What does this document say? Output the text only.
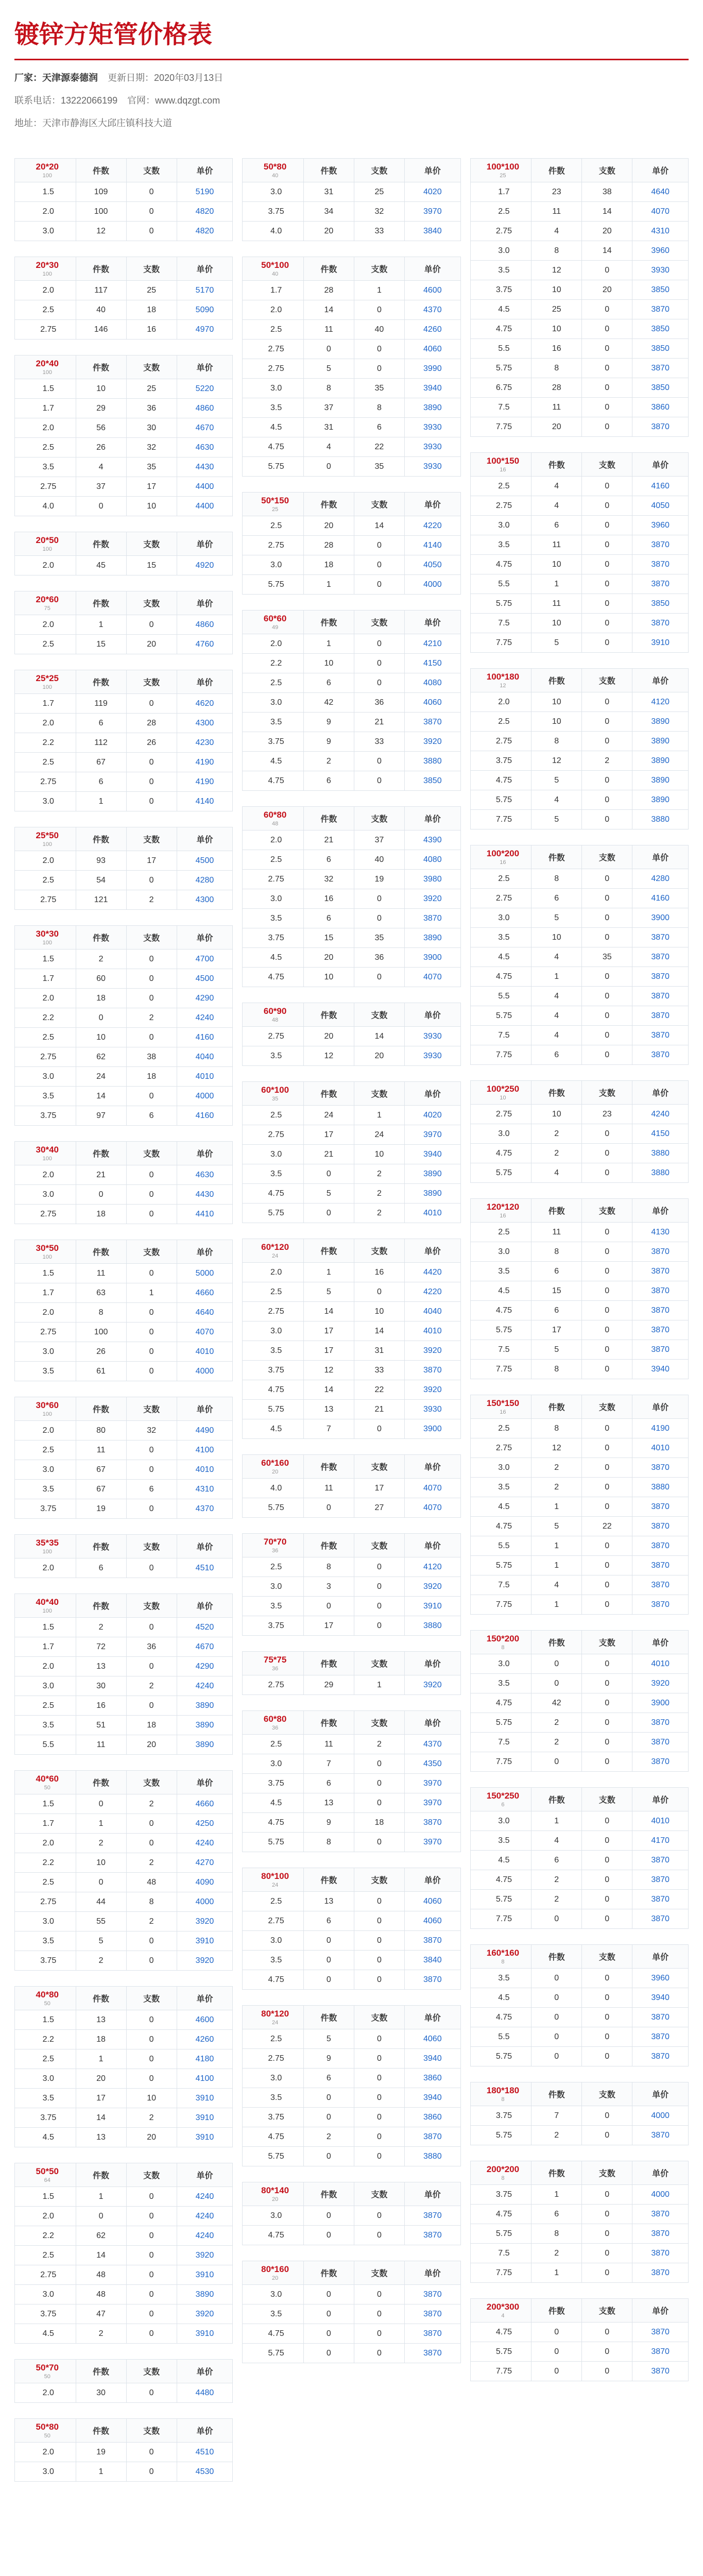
镀锌方矩管价格表
厂家：天津源泰德润 更新日期：2020年03月13日
联系电话：13222066199 官网：www.dqzgt.com
地址：天津市静海区大邱庄镇科技大道
20*20
100	件数	支数	单价
1.5	109	0	5190
2.0	100	0	4820
3.0	12	0	4820
20*30
100	件数	支数	单价
2.0	117	25	5170
2.5	40	18	5090
2.75	146	16	4970
20*40
100	件数	支数	单价
1.5	10	25	5220
1.7	29	36	4860
2.0	56	30	4670
2.5	26	32	4630
3.5	4	35	4430
2.75	37	17	4400
4.0	0	10	4400
20*50
100	件数	支数	单价
2.0	45	15	4920
20*60
75	件数	支数	单价
2.0	1	0	4860
2.5	15	20	4760
25*25
100	件数	支数	单价
1.7	119	0	4620
2.0	6	28	4300
2.2	112	26	4230
2.5	67	0	4190
2.75	6	0	4190
3.0	1	0	4140
25*50
100	件数	支数	单价
2.0	93	17	4500
2.5	54	0	4280
2.75	121	2	4300
30*30
100	件数	支数	单价
1.5	2	0	4700
1.7	60	0	4500
2.0	18	0	4290
2.2	0	2	4240
2.5	10	0	4160
2.75	62	38	4040
3.0	24	18	4010
3.5	14	0	4000
3.75	97	6	4160
30*40
100	件数	支数	单价
2.0	21	0	4630
3.0	0	0	4430
2.75	18	0	4410
30*50
100	件数	支数	单价
1.5	11	0	5000
1.7	63	1	4660
2.0	8	0	4640
2.75	100	0	4070
3.0	26	0	4010
3.5	61	0	4000
30*60
100	件数	支数	单价
2.0	80	32	4490
2.5	11	0	4100
3.0	67	0	4010
3.5	67	6	4310
3.75	19	0	4370
35*35
100	件数	支数	单价
2.0	6	0	4510
40*40
100	件数	支数	单价
1.5	2	0	4520
1.7	72	36	4670
2.0	13	0	4290
3.0	30	2	4240
2.5	16	0	3890
3.5	51	18	3890
5.5	11	20	3890
40*60
50	件数	支数	单价
1.5	0	2	4660
1.7	1	0	4250
2.0	2	0	4240
2.2	10	2	4270
2.5	0	48	4090
2.75	44	8	4000
3.0	55	2	3920
3.5	5	0	3910
3.75	2	0	3920
40*80
50	件数	支数	单价
1.5	13	0	4600
2.2	18	0	4260
2.5	1	0	4180
3.0	20	0	4100
3.5	17	10	3910
3.75	14	2	3910
4.5	13	20	3910
50*50
64	件数	支数	单价
1.5	1	0	4240
2.0	0	0	4240
2.2	62	0	4240
2.5	14	0	3920
2.75	48	0	3910
3.0	48	0	3890
3.75	47	0	3920
4.5	2	0	3910
50*70
50	件数	支数	单价
2.0	30	0	4480
50*80
50	件数	支数	单价
2.0	19	0	4510
3.0	1	0	4530
50*80
40	件数	支数	单价
3.0	31	25	4020
3.75	34	32	3970
4.0	20	33	3840
50*100
40	件数	支数	单价
1.7	28	1	4600
2.0	14	0	4370
2.5	11	40	4260
2.75	0	0	4060
2.75	5	0	3990
3.0	8	35	3940
3.5	37	8	3890
4.5	31	6	3930
4.75	4	22	3930
5.75	0	35	3930
50*150
25	件数	支数	单价
2.5	20	14	4220
2.75	28	0	4140
3.0	18	0	4050
5.75	1	0	4000
60*60
49	件数	支数	单价
2.0	1	0	4210
2.2	10	0	4150
2.5	6	0	4080
3.0	42	36	4060
3.5	9	21	3870
3.75	9	33	3920
4.5	2	0	3880
4.75	6	0	3850
60*80
48	件数	支数	单价
2.0	21	37	4390
2.5	6	40	4080
2.75	32	19	3980
3.0	16	0	3920
3.5	6	0	3870
3.75	15	35	3890
4.5	20	36	3900
4.75	10	0	4070
60*90
48	件数	支数	单价
2.75	20	14	3930
3.5	12	20	3930
60*100
35	件数	支数	单价
2.5	24	1	4020
2.75	17	24	3970
3.0	21	10	3940
3.5	0	2	3890
4.75	5	2	3890
5.75	0	2	4010
60*120
24	件数	支数	单价
2.0	1	16	4420
2.5	5	0	4220
2.75	14	10	4040
3.0	17	14	4010
3.5	17	31	3920
3.75	12	33	3870
4.75	14	22	3920
5.75	13	21	3930
4.5	7	0	3900
60*160
20	件数	支数	单价
4.0	11	17	4070
5.75	0	27	4070
70*70
36	件数	支数	单价
2.5	8	0	4120
3.0	3	0	3920
3.5	0	0	3910
3.75	17	0	3880
75*75
36	件数	支数	单价
2.75	29	1	3920
60*80
36	件数	支数	单价
2.5	11	2	4370
3.0	7	0	4350
3.75	6	0	3970
4.5	13	0	3970
4.75	9	18	3870
5.75	8	0	3970
80*100
24	件数	支数	单价
2.5	13	0	4060
2.75	6	0	4060
3.0	0	0	3870
3.5	0	0	3840
4.75	0	0	3870
80*120
24	件数	支数	单价
2.5	5	0	4060
2.75	9	0	3940
3.0	6	0	3860
3.5	0	0	3940
3.75	0	0	3860
4.75	2	0	3870
5.75	0	0	3880
80*140
20	件数	支数	单价
3.0	0	0	3870
4.75	0	0	3870
80*160
20	件数	支数	单价
3.0	0	0	3870
3.5	0	0	3870
4.75	0	0	3870
5.75	0	0	3870
100*100
25	件数	支数	单价
1.7	23	38	4640
2.5	11	14	4070
2.75	4	20	4310
3.0	8	14	3960
3.5	12	0	3930
3.75	10	20	3850
4.5	25	0	3870
4.75	10	0	3850
5.5	16	0	3850
5.75	8	0	3870
6.75	28	0	3850
7.5	11	0	3860
7.75	20	0	3870
100*150
16	件数	支数	单价
2.5	4	0	4160
2.75	4	0	4050
3.0	6	0	3960
3.5	11	0	3870
4.75	10	0	3870
5.5	1	0	3870
5.75	11	0	3850
7.5	10	0	3870
7.75	5	0	3910
100*180
12	件数	支数	单价
2.0	10	0	4120
2.5	10	0	3890
2.75	8	0	3890
3.75	12	2	3890
4.75	5	0	3890
5.75	4	0	3890
7.75	5	0	3880
100*200
16	件数	支数	单价
2.5	8	0	4280
2.75	6	0	4160
3.0	5	0	3900
3.5	10	0	3870
4.5	4	35	3870
4.75	1	0	3870
5.5	4	0	3870
5.75	4	0	3870
7.5	4	0	3870
7.75	6	0	3870
100*250
10	件数	支数	单价
2.75	10	23	4240
3.0	2	0	4150
4.75	2	0	3880
5.75	4	0	3880
120*120
16	件数	支数	单价
2.5	11	0	4130
3.0	8	0	3870
3.5	6	0	3870
4.5	15	0	3870
4.75	6	0	3870
5.75	17	0	3870
7.5	5	0	3870
7.75	8	0	3940
150*150
16	件数	支数	单价
2.5	8	0	4190
2.75	12	0	4010
3.0	2	0	3870
3.5	2	0	3880
4.5	1	0	3870
4.75	5	22	3870
5.5	1	0	3870
5.75	1	0	3870
7.5	4	0	3870
7.75	1	0	3870
150*200
8	件数	支数	单价
3.0	0	0	4010
3.5	0	0	3920
4.75	42	0	3900
5.75	2	0	3870
7.5	2	0	3870
7.75	0	0	3870
150*250
6	件数	支数	单价
3.0	1	0	4010
3.5	4	0	4170
4.5	6	0	3870
4.75	2	0	3870
5.75	2	0	3870
7.75	0	0	3870
160*160
8	件数	支数	单价
3.5	0	0	3960
4.5	0	0	3940
4.75	0	0	3870
5.5	0	0	3870
5.75	0	0	3870
180*180
8	件数	支数	单价
3.75	7	0	4000
5.75	2	0	3870
200*200
8	件数	支数	单价
3.75	1	0	4000
4.75	6	0	3870
5.75	8	0	3870
7.5	2	0	3870
7.75	1	0	3870
200*300
4	件数	支数	单价
4.75	0	0	3870
5.75	0	0	3870
7.75	0	0	3870
